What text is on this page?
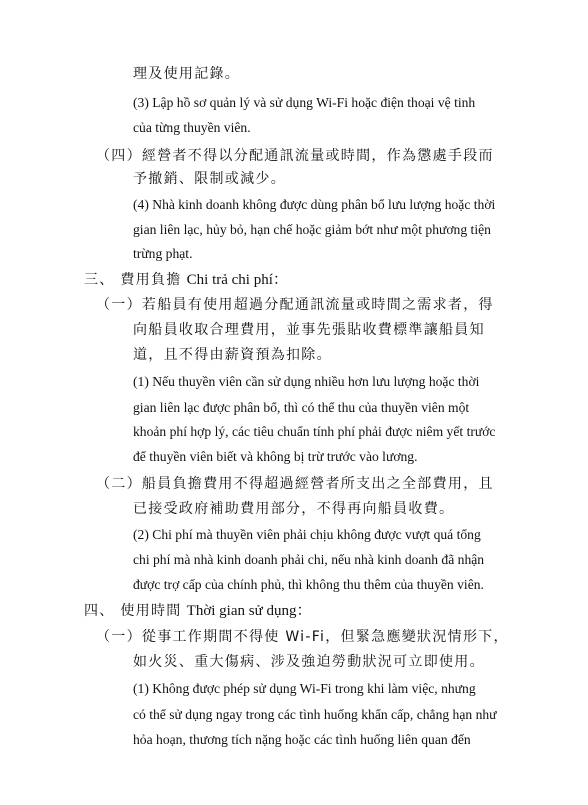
理及使用記錄。
(3) Lập hồ sơ quản lý và sử dụng Wi-Fi hoặc điện thoại vệ tinh
của từng thuyền viên.
（四）經營者不得以分配通訊流量或時間，作為懲處手段而
予撤銷、限制或減少。
(4) Nhà kinh doanh không được dùng phân bổ lưu lượng hoặc thời
gian liên lạc, hủy bỏ, hạn chế hoặc giảm bớt như một phương tiện
trừng phạt.
三、 費用負擔 Chi trả chi phí：
（一）若船員有使用超過分配通訊流量或時間之需求者，得
向船員收取合理費用，並事先張貼收費標準讓船員知
道，且不得由薪資預為扣除。
(1) Nếu thuyền viên cần sử dụng nhiều hơn lưu lượng hoặc thời
gian liên lạc được phân bổ, thì có thể thu của thuyền viên một
khoản phí hợp lý, các tiêu chuẩn tính phí phải được niêm yết trước
để thuyền viên biết và không bị trừ trước vào lương.
（二）船員負擔費用不得超過經營者所支出之全部費用，且
已接受政府補助費用部分，不得再向船員收費。
(2) Chi phí mà thuyền viên phải chịu không được vượt quá tổng
chi phí mà nhà kinh doanh phải chi, nếu nhà kinh doanh đã nhận
được trợ cấp của chính phủ, thì không thu thêm của thuyền viên.
四、 使用時間 Thời gian sử dụng：
（一）從事工作期間不得使 Wi-Fi，但緊急應變狀況情形下，
如火災、重大傷病、涉及強迫勞動狀況可立即使用。
(1) Không được phép sử dụng Wi-Fi trong khi làm việc, nhưng
có thể sử dụng ngay trong các tình huống khẩn cấp, chẳng hạn như
hỏa hoạn, thương tích nặng hoặc các tình huống liên quan đến
